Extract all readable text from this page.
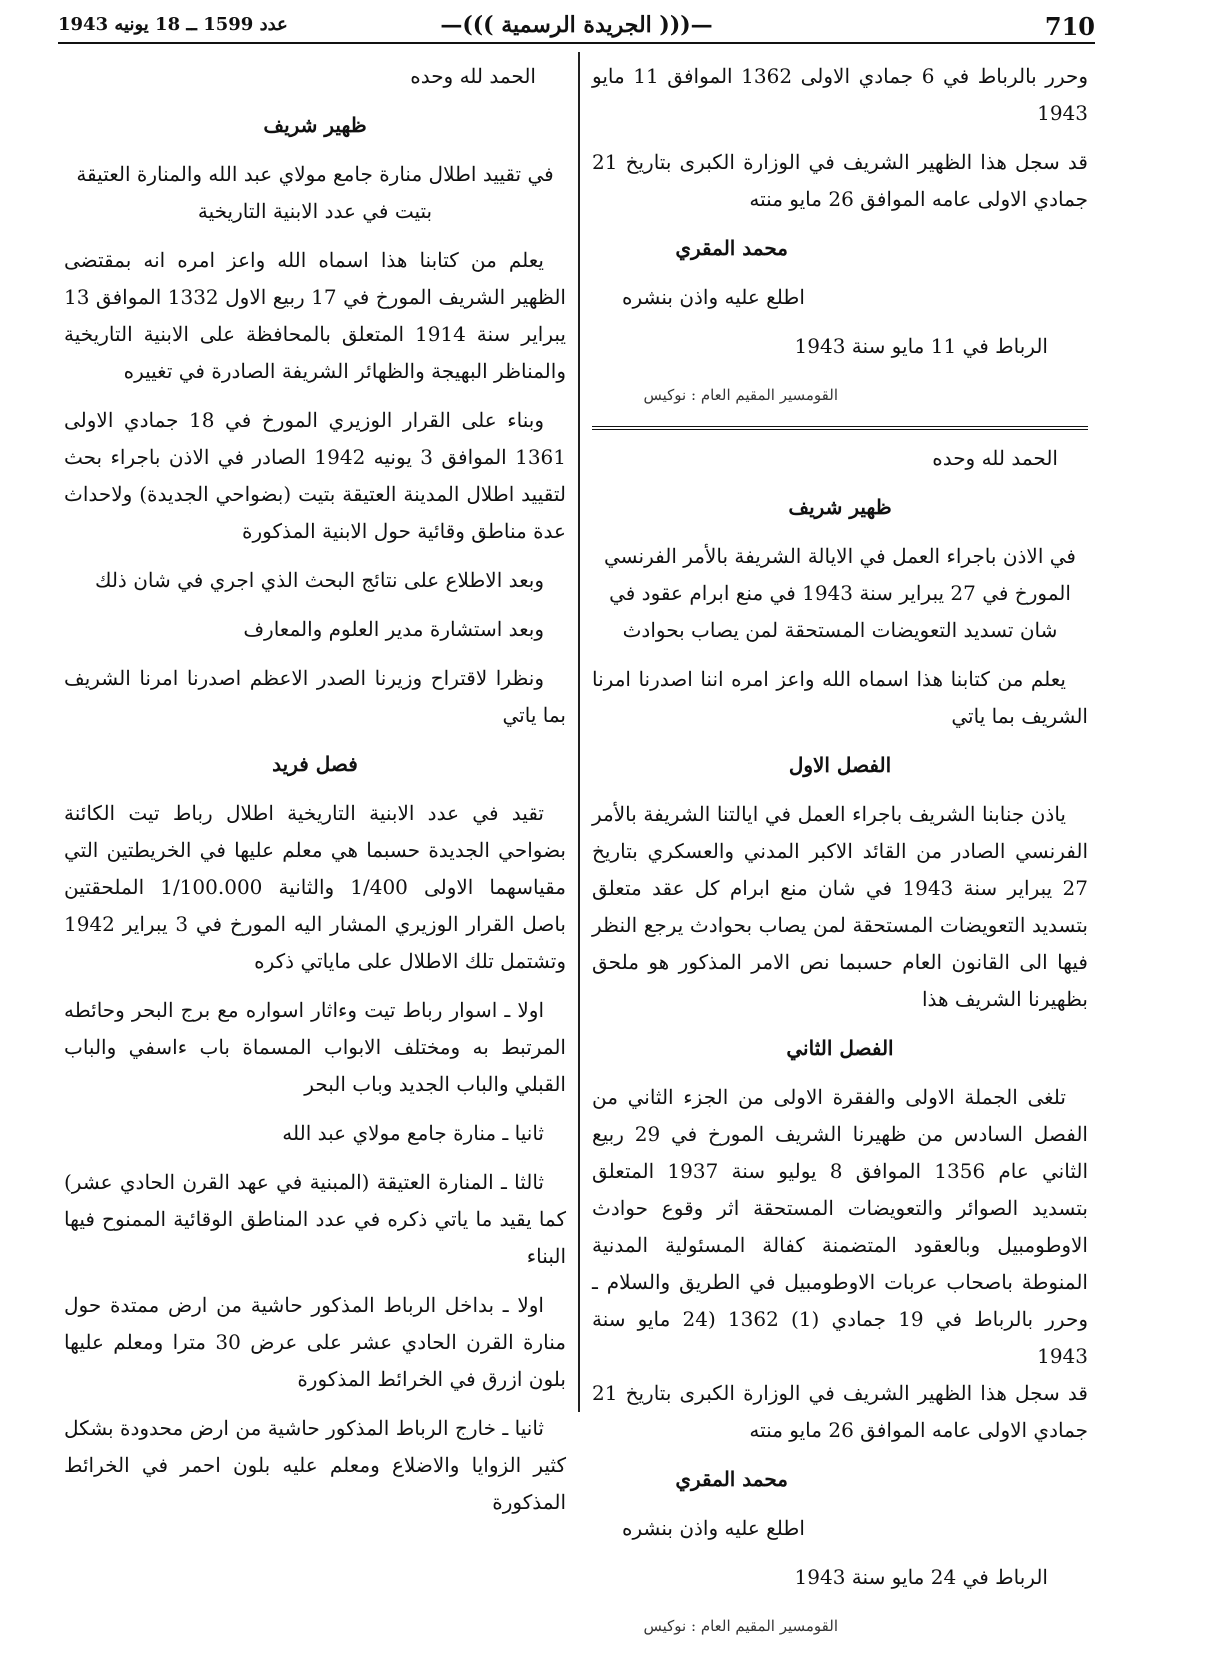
710
—((( الجريدة الرسمية )))—
عدد 1599 ــ 18 يونيه 1943

وحرر بالرباط في 6 جمادي الاولى 1362 الموافق 11 مايو 1943

قد سجل هذا الظهير الشريف في الوزارة الكبرى بتاريخ 21 جمادي الاولى عامه الموافق 26 مايو منته

محمد المقري

اطلع عليه واذن بنشره

الرباط في 11 مايو سنة 1943

القومسير المقيم العام : نوكيس

الحمد لله وحده

ظهير شريف

في الاذن باجراء العمل في الايالة الشريفة بالأمر الفرنسي المورخ في 27 يبراير سنة 1943 في منع ابرام عقود في شان تسديد التعويضات المستحقة لمن يصاب بحوادث

يعلم من كتابنا هذا اسماه الله واعز امره اننا اصدرنا امرنا الشريف بما ياتي

الفصل الاول

ياذن جنابنا الشريف باجراء العمل في ايالتنا الشريفة بالأمر الفرنسي الصادر من القائد الاكبر المدني والعسكري بتاريخ 27 يبراير سنة 1943 في شان منع ابرام كل عقد متعلق بتسديد التعويضات المستحقة لمن يصاب بحوادث يرجع النظر فيها الى القانون العام حسبما نص الامر المذكور هو ملحق بظهيرنا الشريف هذا

الفصل الثاني

تلغى الجملة الاولى والفقرة الاولى من الجزء الثاني من الفصل السادس من ظهيرنا الشريف المورخ في 29 ربيع الثاني عام 1356 الموافق 8 يوليو سنة 1937 المتعلق بتسديد الصوائر والتعويضات المستحقة اثر وقوع حوادث الاوطومبيل وبالعقود المتضمنة كفالة المسئولية المدنية المنوطة باصحاب عربات الاوطومبيل في الطريق والسلام ـ وحرر بالرباط في 19 جمادي (1) 1362 (24 مايو سنة 1943

قد سجل هذا الظهير الشريف في الوزارة الكبرى بتاريخ 21 جمادي الاولى عامه الموافق 26 مايو منته

محمد المقري

اطلع عليه واذن بنشره

الرباط في 24 مايو سنة 1943

القومسير المقيم العام : نوكيس

الحمد لله وحده

ظهير شريف

في تقييد اطلال منارة جامع مولاي عبد الله والمنارة العتيقة بتيت في عدد الابنية التاريخية

يعلم من كتابنا هذا اسماه الله واعز امره انه بمقتضى الظهير الشريف المورخ في 17 ربيع الاول 1332 الموافق 13 يبراير سنة 1914 المتعلق بالمحافظة على الابنية التاريخية والمناظر البهيجة والظهائر الشريفة الصادرة في تغييره

وبناء على القرار الوزيري المورخ في 18 جمادي الاولى 1361 الموافق 3 يونيه 1942 الصادر في الاذن باجراء بحث لتقييد اطلال المدينة العتيقة بتيت (بضواحي الجديدة) ولاحداث عدة مناطق وقائية حول الابنية المذكورة

وبعد الاطلاع على نتائج البحث الذي اجري في شان ذلك

وبعد استشارة مدير العلوم والمعارف

ونظرا لاقتراح وزيرنا الصدر الاعظم اصدرنا امرنا الشريف بما ياتي

فصل فريد

تقيد في عدد الابنية التاريخية اطلال رباط تيت الكائنة بضواحي الجديدة حسبما هي معلم عليها في الخريطتين التي مقياسهما الاولى 1/400 والثانية 1/100.000 الملحقتين باصل القرار الوزيري المشار اليه المورخ في 3 يبراير 1942 وتشتمل تلك الاطلال على ماياتي ذكره

اولا ـ اسوار رباط تيت وءاثار اسواره مع برج البحر وحائطه المرتبط به ومختلف الابواب المسماة باب ءاسفي والباب القبلي والباب الجديد وباب البحر

ثانيا ـ منارة جامع مولاي عبد الله

ثالثا ـ المنارة العتيقة (المبنية في عهد القرن الحادي عشر) كما يقيد ما ياتي ذكره في عدد المناطق الوقائية الممنوح فيها البناء

اولا ـ بداخل الرباط المذكور حاشية من ارض ممتدة حول منارة القرن الحادي عشر على عرض 30 مترا ومعلم عليها بلون ازرق في الخرائط المذكورة

ثانيا ـ خارج الرباط المذكور حاشية من ارض محدودة بشكل كثير الزوايا والاضلاع ومعلم عليه بلون احمر في الخرائط المذكورة
